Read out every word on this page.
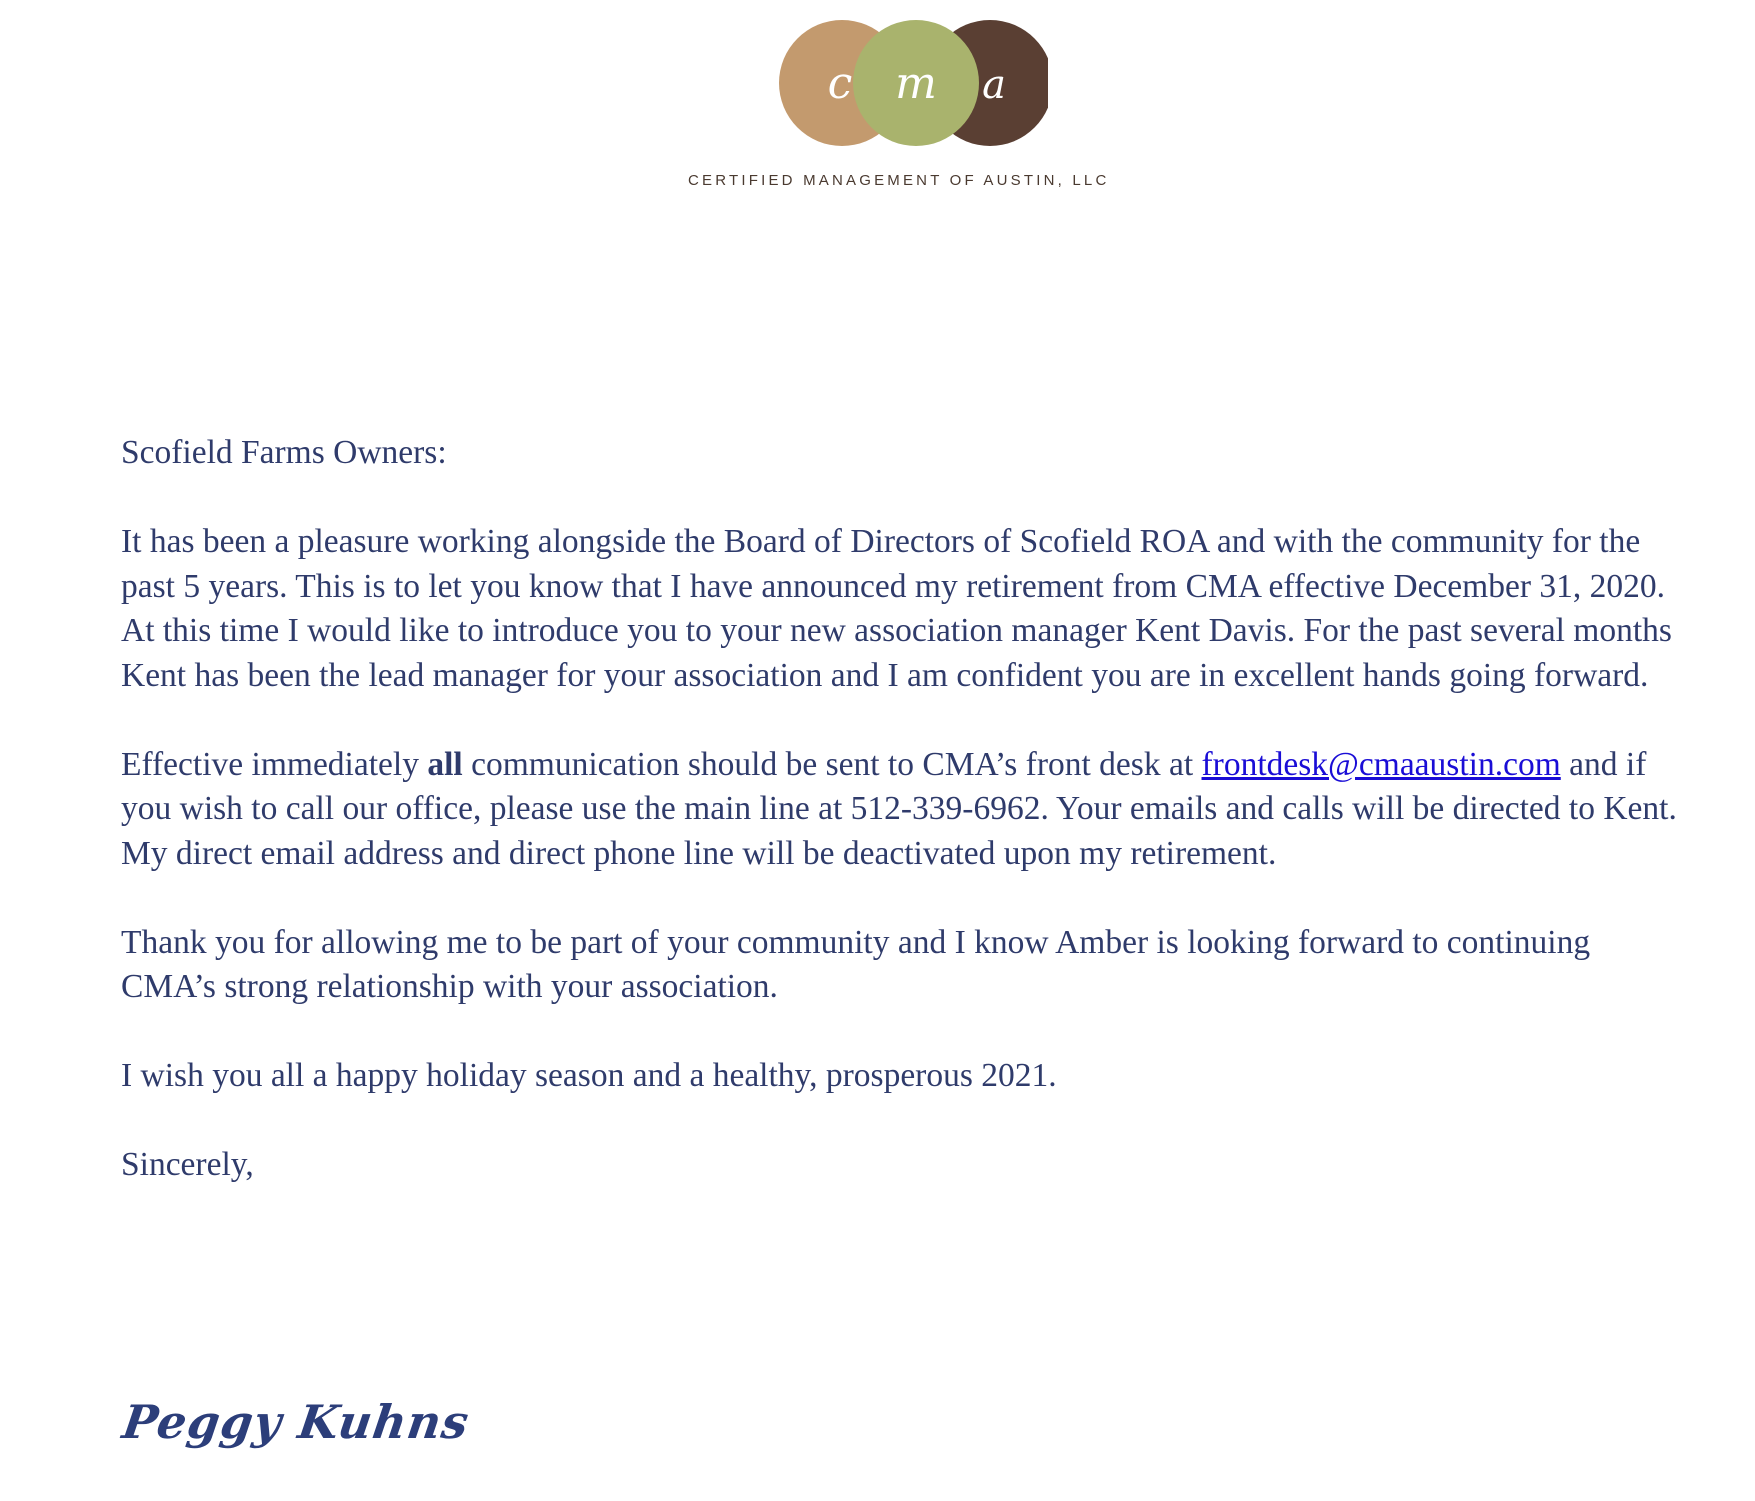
c m a
CERTIFIED MANAGEMENT OF AUSTIN, LLC

Scofield Farms Owners:

It has been a pleasure working alongside the Board of Directors of Scofield ROA and with the community for the past 5 years. This is to let you know that I have announced my retirement from CMA effective December 31, 2020. At this time I would like to introduce you to your new association manager Kent Davis. For the past several months Kent has been the lead manager for your association and I am confident you are in excellent hands going forward.

Effective immediately all communication should be sent to CMA’s front desk at frontdesk@cmaaustin.com and if you wish to call our office, please use the main line at 512-339-6962. Your emails and calls will be directed to Kent. My direct email address and direct phone line will be deactivated upon my retirement.

Thank you for allowing me to be part of your community and I know Amber is looking forward to continuing CMA’s strong relationship with your association.

I wish you all a happy holiday season and a healthy, prosperous 2021.

Sincerely,

Peggy Kuhns
